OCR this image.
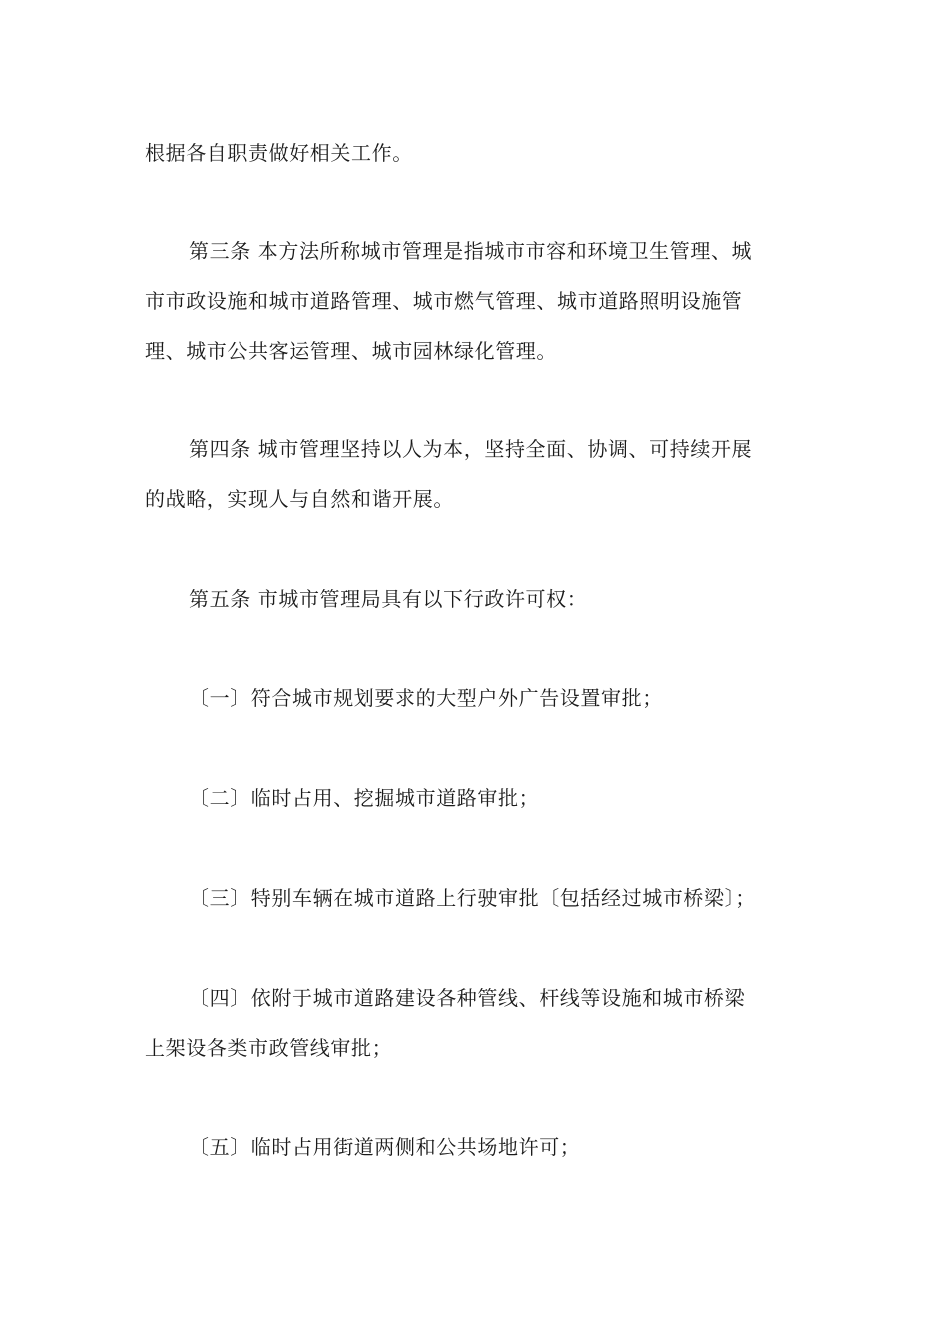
根据各自职责做好相关工作。

第三条 本方法所称城市管理是指城市市容和环境卫生管理、城
市市政设施和城市道路管理、城市燃气管理、城市道路照明设施管
理、城市公共客运管理、城市园林绿化管理。

第四条 城市管理坚持以人为本，坚持全面、协调、可持续开展
的战略，实现人与自然和谐开展。

第五条 市城市管理局具有以下行政许可权：

〔一〕符合城市规划要求的大型户外广告设置审批；

〔二〕临时占用、挖掘城市道路审批；

〔三〕特别车辆在城市道路上行驶审批〔包括经过城市桥梁〕；

〔四〕依附于城市道路建设各种管线、杆线等设施和城市桥梁
上架设各类市政管线审批；

〔五〕临时占用街道两侧和公共场地许可；
